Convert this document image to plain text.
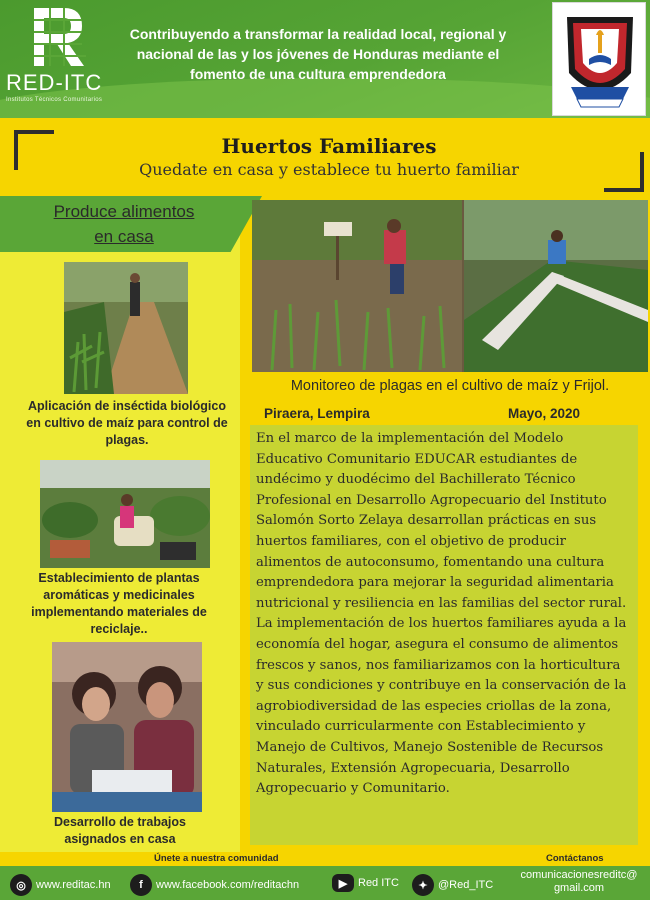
RED-ITC
Institutos Técnicos Comunitarios
Contribuyendo a transformar la realidad local, regional y nacional de las y los jóvenes de Honduras mediante el fomento de una cultura emprendedora
Huertos Familiares
Quedate en casa y establece tu huerto familiar
Produce alimentos
en casa
Aplicación de inséctida biológico en cultivo de maíz para control de plagas.
Establecimiento de plantas aromáticas y medicinales implementando materiales de reciclaje..
Desarrollo de trabajos asignados en casa
Monitoreo de plagas en el cultivo de maíz y Frijol.
Piraera, Lempira	Mayo, 2020

En el marco de la implementación del Modelo Educativo Comunitario EDUCAR estudiantes de undécimo y duodécimo del Bachillerato Técnico Profesional en Desarrollo Agropecuario del Instituto Salomón Sorto Zelaya desarrollan prácticas en sus huertos familiares, con el objetivo de producir alimentos de autoconsumo, fomentando una cultura emprendedora para mejorar la seguridad alimentaria nutricional y resiliencia en las familias del sector rural.

La implementación de los huertos familiares ayuda a la economía del hogar, asegura el consumo de alimentos frescos y sanos, nos familiarizamos con la horticultura y sus condiciones y contribuye en la conservación de la agrobiodiversidad de las especies criollas de la zona, vinculado curricularmente con Establecimiento y Manejo de Cultivos, Manejo Sostenible de Recursos Naturales, Extensión Agropecuaria, Desarrollo Agropecuario y Comunitario.

Únete a nuestra comunidad	Contáctanos
◎ www.reditac.hn	f	www.facebook.com/reditachn	▶ Red ITC	✦ @Red_ITC
comunicacionesreditc@
gmail.com
